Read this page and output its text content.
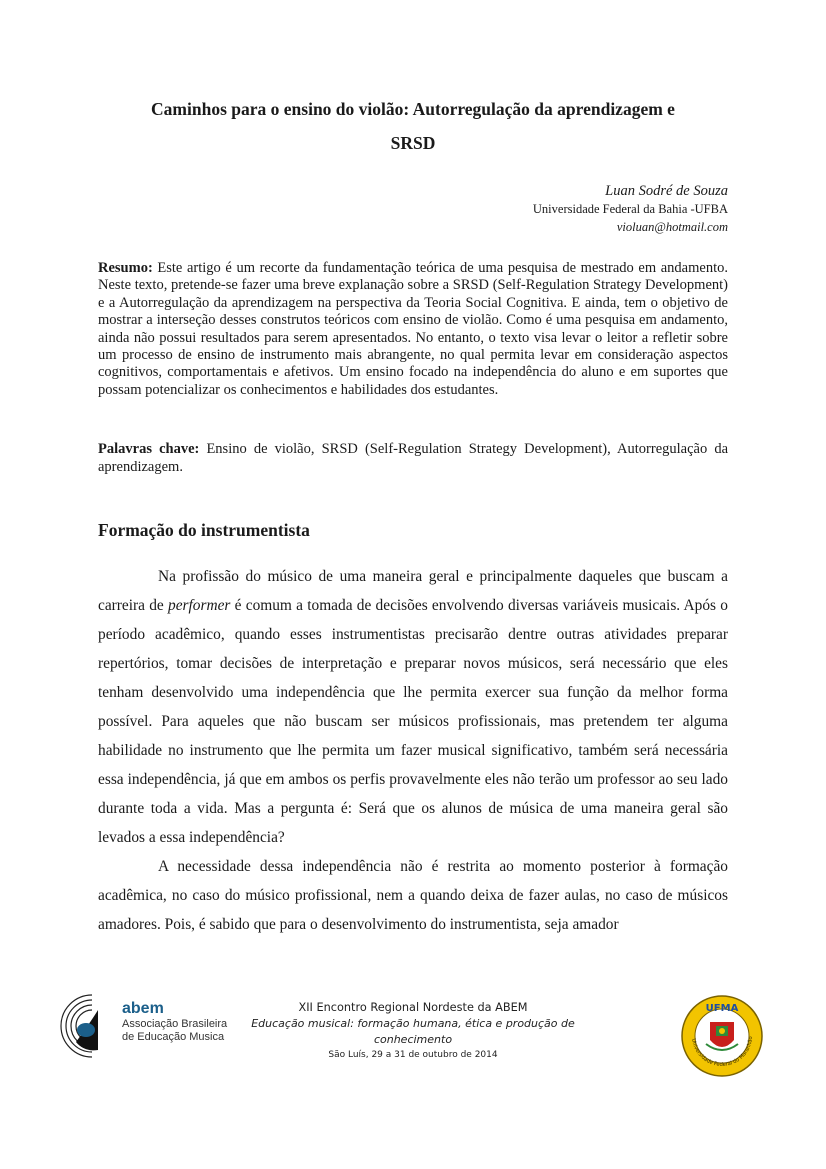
Caminhos para o ensino do violão: Autorregulação da aprendizagem e
SRSD
Luan Sodré de Souza
Universidade Federal da Bahia -UFBA
violuan@hotmail.com

Resumo: Este artigo é um recorte da fundamentação teórica de uma pesquisa de mestrado em andamento. Neste texto, pretende-se fazer uma breve explanação sobre a SRSD (Self-Regulation Strategy Development) e a Autorregulação da aprendizagem na perspectiva da Teoria Social Cognitiva. E ainda, tem o objetivo de mostrar a interseção desses construtos teóricos com ensino de violão. Como é uma pesquisa em andamento, ainda não possui resultados para serem apresentados. No entanto, o texto visa levar o leitor a refletir sobre um processo de ensino de instrumento mais abrangente, no qual permita levar em consideração aspectos cognitivos, comportamentais e afetivos. Um ensino focado na independência do aluno e em suportes que possam potencializar os conhecimentos e habilidades dos estudantes.

Palavras chave: Ensino de violão, SRSD (Self-Regulation Strategy Development), Autorregulação da aprendizagem.

Formação do instrumentista

Na profissão do músico de uma maneira geral e principalmente daqueles que buscam a carreira de performer é comum a tomada de decisões envolvendo diversas variáveis musicais. Após o período acadêmico, quando esses instrumentistas precisarão dentre outras atividades preparar repertórios, tomar decisões de interpretação e preparar novos músicos, será necessário que eles tenham desenvolvido uma independência que lhe permita exercer sua função da melhor forma possível. Para aqueles que não buscam ser músicos profissionais, mas pretendem ter alguma habilidade no instrumento que lhe permita um fazer musical significativo, também será necessária essa independência, já que em ambos os perfis provavelmente eles não terão um professor ao seu lado durante toda a vida. Mas a pergunta é: Será que os alunos de música de uma maneira geral são levados a essa independência?

A necessidade dessa independência não é restrita ao momento posterior à formação acadêmica, no caso do músico profissional, nem a quando deixa de fazer aulas, no caso de músicos amadores. Pois, é sabido que para o desenvolvimento do instrumentista, seja amador

abem
Associação Brasileira
de Educação Musica
XII Encontro Regional Nordeste da ABEM
Educação musical: formação humana, ética e produção de conhecimento
São Luís, 29 a 31 de outubro de 2014
UFMA
Universidade Federal do Maranhão
